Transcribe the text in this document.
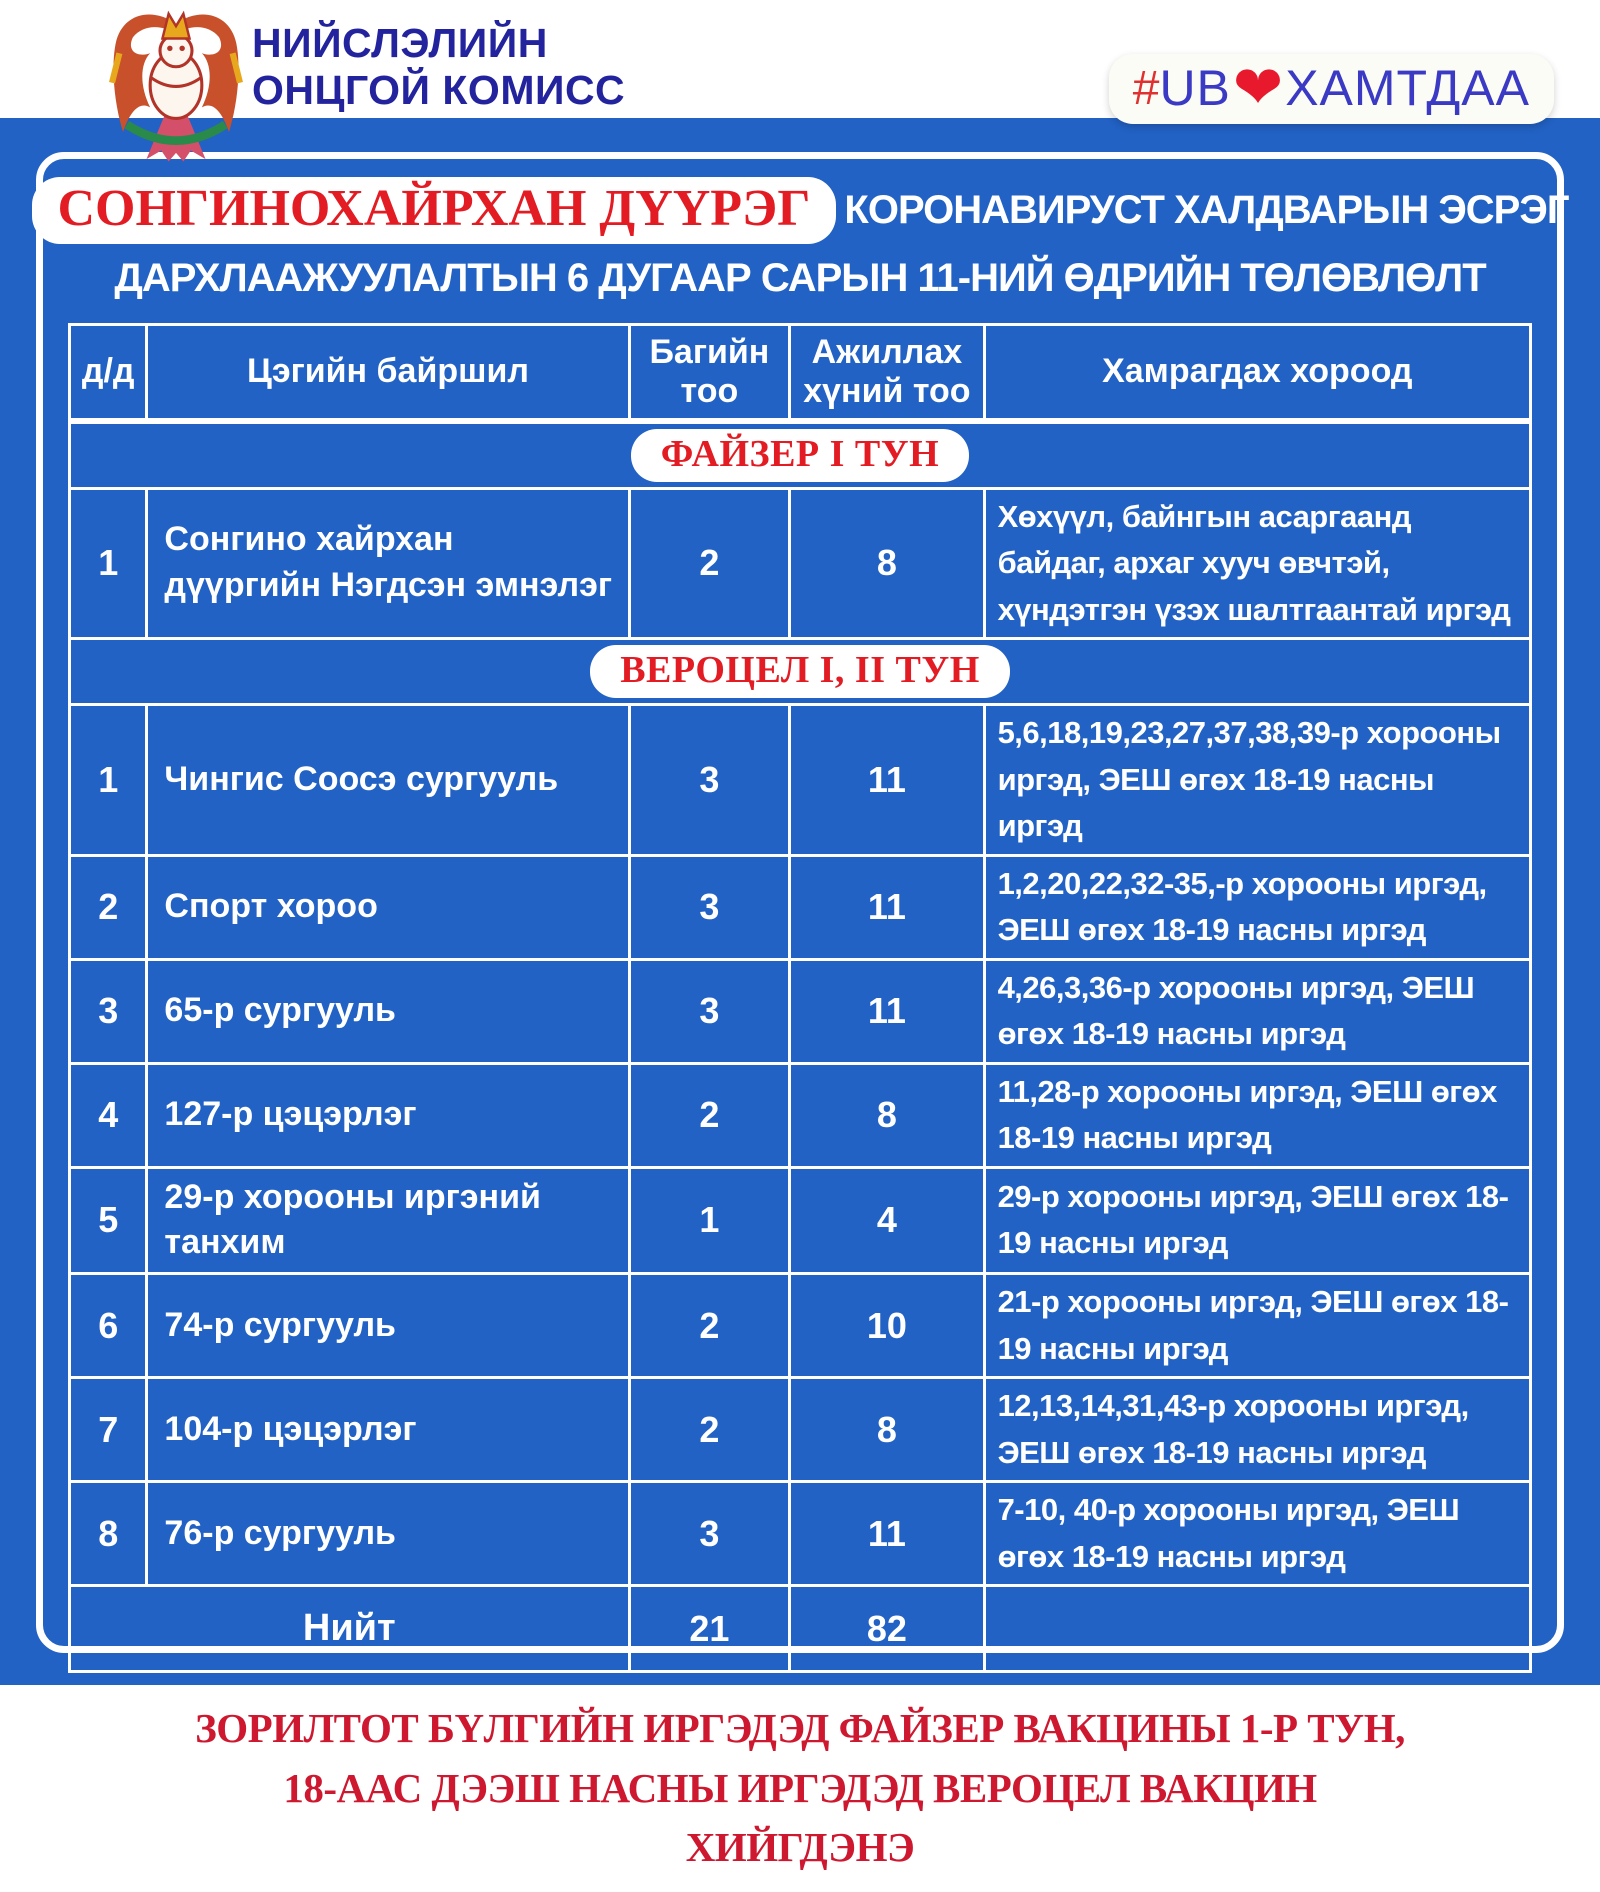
НИЙСЛЭЛИЙН
ОНЦГОЙ КОМИСС	# UB ❤ ХАМТДАА
СОНГИНОХАЙРХАН ДҮҮРЭГ КОРОНАВИРУСТ ХАЛДВАРЫН ЭСРЭГ
ДАРХЛААЖУУЛАЛТЫН 6 ДУГААР САРЫН 11-НИЙ ӨДРИЙН ТӨЛӨВЛӨЛТ
д/д	Цэгийн байршил	Багийн тоо	Ажиллах хүний тоо	Хамрагдах хороод
ФАЙЗЕР I ТУН				
1	Сонгино хайрхан дүүргийн Нэгдсэн эмнэлэг	2	8	Хөхүүл, байнгын асаргаанд байдаг, архаг хууч өвчтэй, хүндэтгэн үзэх шалтгаантай иргэд
ВЕРОЦЕЛ I, II ТУН				
1	Чингис Соосэ сургууль	3	11	5,6,18,19,23,27,37,38,39-р хорооны иргэд, ЭЕШ өгөх 18-19 насны иргэд
2	Спорт хороо	3	11	1,2,20,22,32-35,-р хорооны иргэд, ЭЕШ өгөх 18-19 насны иргэд
3	65-р сургууль	3	11	4,26,3,36-р хорооны иргэд, ЭЕШ өгөх 18-19 насны иргэд
4	127-р цэцэрлэг	2	8	11,28-р хорооны иргэд, ЭЕШ өгөх 18-19 насны иргэд
5	29-р хорооны иргэний танхим	1	4	29-р хорооны иргэд, ЭЕШ өгөх 18-19 насны иргэд
6	74-р сургууль	2	10	21-р хорооны иргэд, ЭЕШ өгөх 18-19 насны иргэд
7	104-р цэцэрлэг	2	8	12,13,14,31,43-р хорооны иргэд, ЭЕШ өгөх 18-19 насны иргэд
8	76-р сургууль	3	11	7-10, 40-р хорооны иргэд, ЭЕШ өгөх 18-19 насны иргэд
Нийт		21	82	
ЗОРИЛТОТ БҮЛГИЙН ИРГЭДЭД ФАЙЗЕР ВАКЦИНЫ 1-Р ТУН,
18-ААС ДЭЭШ НАСНЫ ИРГЭДЭД ВЕРОЦЕЛ ВАКЦИН ХИЙГДЭНЭ
